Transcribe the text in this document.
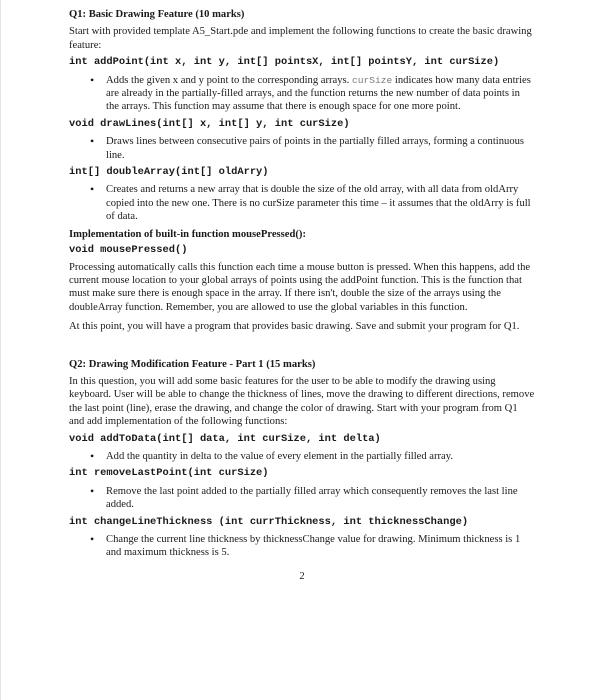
Q1: Basic Drawing Feature (10 marks)

Start with provided template A5_Start.pde and implement the following functions to create the basic drawing feature:

int addPoint(int x, int y, int[] pointsX, int[] pointsY, int curSize)

• Adds the given x and y point to the corresponding arrays. curSize indicates how many data entries are already in the partially-filled arrays, and the function returns the new number of data points in the arrays. This function may assume that there is enough space for one more point.

void drawLines(int[] x, int[] y, int curSize)

• Draws lines between consecutive pairs of points in the partially filled arrays, forming a continuous line.

int[] doubleArray(int[] oldArry)

• Creates and returns a new array that is double the size of the old array, with all data from oldArry copied into the new one. There is no curSize parameter this time – it assumes that the oldArry is full of data.

Implementation of built-in function mousePressed():

void mousePressed()

Processing automatically calls this function each time a mouse button is pressed. When this happens, add the current mouse location to your global arrays of points using the addPoint function. This is the function that must make sure there is enough space in the array. If there isn't, double the size of the arrays using the doubleArray function. Remember, you are allowed to use the global variables in this function.

At this point, you will have a program that provides basic drawing. Save and submit your program for Q1.

Q2: Drawing Modification Feature - Part 1 (15 marks)

In this question, you will add some basic features for the user to be able to modify the drawing using keyboard. User will be able to change the thickness of lines, move the drawing to different directions, remove the last point (line), erase the drawing, and change the color of drawing. Start with your program from Q1 and add implementation of the following functions:

void addToData(int[] data, int curSize, int delta)

• Add the quantity in delta to the value of every element in the partially filled array.

int removeLastPoint(int curSize)

• Remove the last point added to the partially filled array which consequently removes the last line added.

int changeLineThickness (int currThickness, int thicknessChange)

• Change the current line thickness by thicknessChange value for drawing. Minimum thickness is 1 and maximum thickness is 5.

2
